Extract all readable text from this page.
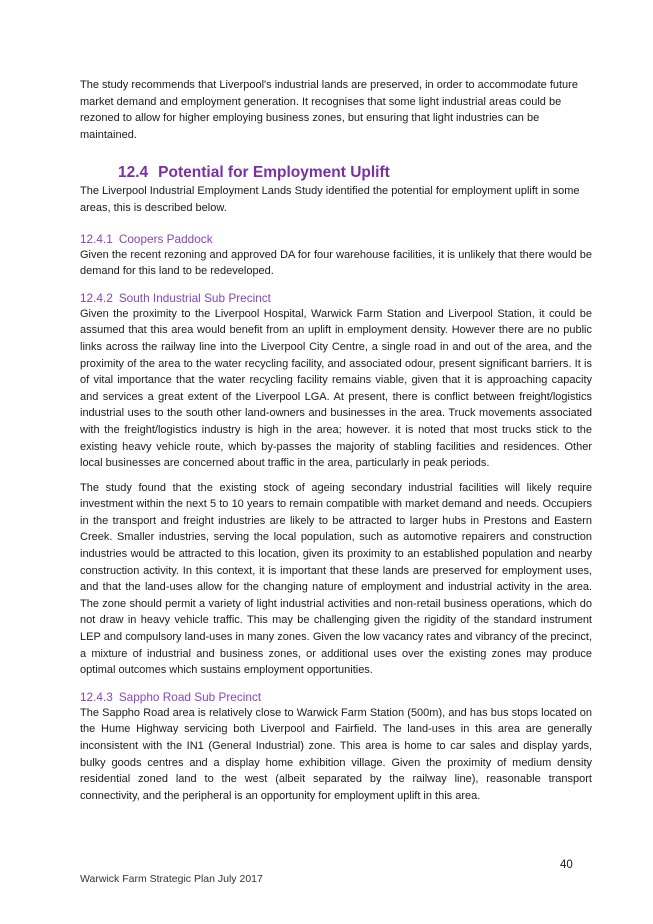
The study recommends that Liverpool's industrial lands are preserved, in order to accommodate future market demand and employment generation. It recognises that some light industrial areas could be rezoned to allow for higher employing business zones, but ensuring that light industries can be maintained.

12.4 Potential for Employment Uplift

The Liverpool Industrial Employment Lands Study identified the potential for employment uplift in some areas, this is described below.

12.4.1 Coopers Paddock

Given the recent rezoning and approved DA for four warehouse facilities, it is unlikely that there would be demand for this land to be redeveloped.

12.4.2 South Industrial Sub Precinct

Given the proximity to the Liverpool Hospital, Warwick Farm Station and Liverpool Station, it could be assumed that this area would benefit from an uplift in employment density. However there are no public links across the railway line into the Liverpool City Centre, a single road in and out of the area, and the proximity of the area to the water recycling facility, and associated odour, present significant barriers. It is of vital importance that the water recycling facility remains viable, given that it is approaching capacity and services a great extent of the Liverpool LGA. At present, there is conflict between freight/logistics industrial uses to the south other land-owners and businesses in the area. Truck movements associated with the freight/logistics industry is high in the area; however. it is noted that most trucks stick to the existing heavy vehicle route, which by-passes the majority of stabling facilities and residences. Other local businesses are concerned about traffic in the area, particularly in peak periods.

The study found that the existing stock of ageing secondary industrial facilities will likely require investment within the next 5 to 10 years to remain compatible with market demand and needs. Occupiers in the transport and freight industries are likely to be attracted to larger hubs in Prestons and Eastern Creek. Smaller industries, serving the local population, such as automotive repairers and construction industries would be attracted to this location, given its proximity to an established population and nearby construction activity. In this context, it is important that these lands are preserved for employment uses, and that the land-uses allow for the changing nature of employment and industrial activity in the area. The zone should permit a variety of light industrial activities and non-retail business operations, which do not draw in heavy vehicle traffic. This may be challenging given the rigidity of the standard instrument LEP and compulsory land-uses in many zones. Given the low vacancy rates and vibrancy of the precinct, a mixture of industrial and business zones, or additional uses over the existing zones may produce optimal outcomes which sustains employment opportunities.

12.4.3 Sappho Road Sub Precinct

The Sappho Road area is relatively close to Warwick Farm Station (500m), and has bus stops located on the Hume Highway servicing both Liverpool and Fairfield. The land-uses in this area are generally inconsistent with the IN1 (General Industrial) zone. This area is home to car sales and display yards, bulky goods centres and a display home exhibition village. Given the proximity of medium density residential zoned land to the west (albeit separated by the railway line), reasonable transport connectivity, and the peripheral is an opportunity for employment uplift in this area.

40
Warwick Farm Strategic Plan July 2017
